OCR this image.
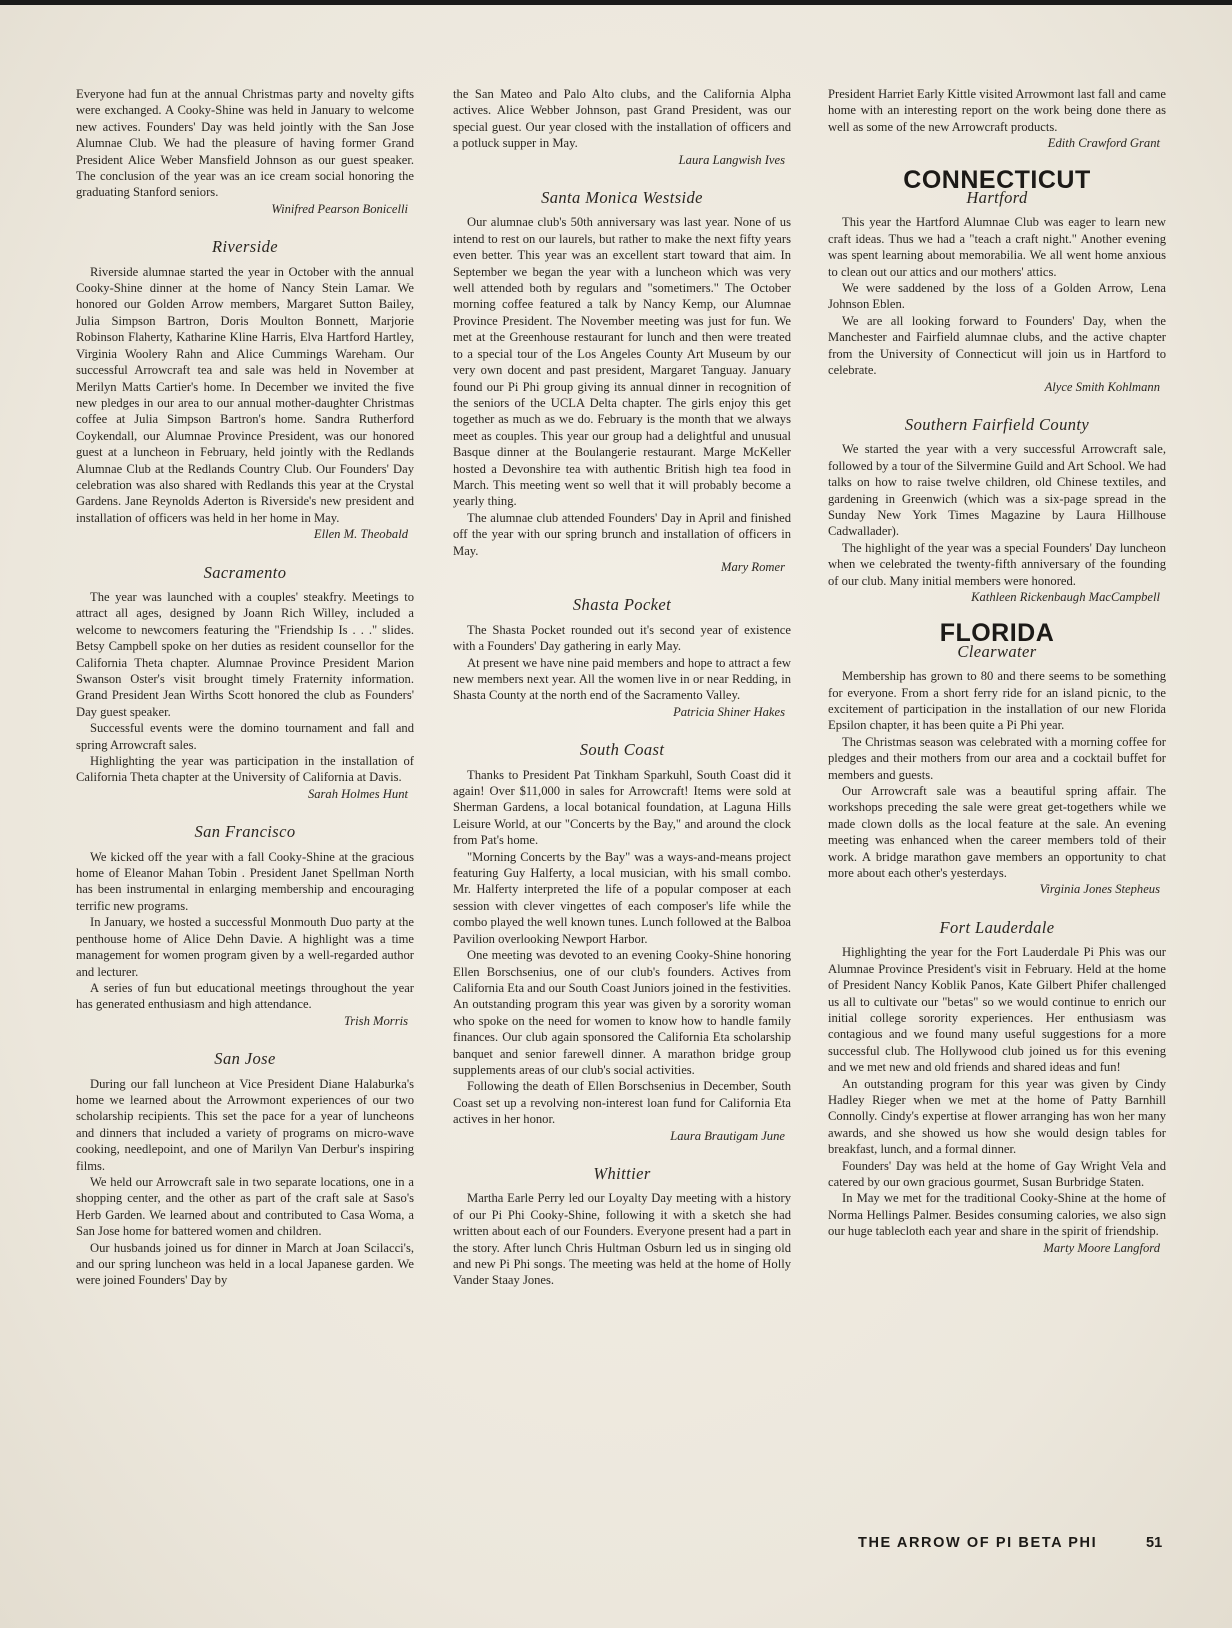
Everyone had fun at the annual Christmas party and novelty gifts were exchanged. A Cooky-Shine was held in January to welcome new actives. Founders' Day was held jointly with the San Jose Alumnae Club. We had the pleasure of having former Grand President Alice Weber Mansfield Johnson as our guest speaker. The conclusion of the year was an ice cream social honoring the graduating Stanford seniors.

Winifred Pearson Bonicelli
Riverside

Riverside alumnae started the year in October with the annual Cooky-Shine dinner at the home of Nancy Stein Lamar. We honored our Golden Arrow members, Margaret Sutton Bailey, Julia Simpson Bartron, Doris Moulton Bonnett, Marjorie Robinson Flaherty, Katharine Kline Harris, Elva Hartford Hartley, Virginia Woolery Rahn and Alice Cummings Wareham. Our successful Arrowcraft tea and sale was held in November at Merilyn Matts Cartier's home. In December we invited the five new pledges in our area to our annual mother-daughter Christmas coffee at Julia Simpson Bartron's home. Sandra Rutherford Coykendall, our Alumnae Province President, was our honored guest at a luncheon in February, held jointly with the Redlands Alumnae Club at the Redlands Country Club. Our Founders' Day celebration was also shared with Redlands this year at the Crystal Gardens. Jane Reynolds Aderton is Riverside's new president and installation of officers was held in her home in May.

Ellen M. Theobald
Sacramento

The year was launched with a couples' steakfry. Meetings to attract all ages, designed by Joann Rich Willey, included a welcome to newcomers featuring the "Friendship Is . . ." slides. Betsy Campbell spoke on her duties as resident counsellor for the California Theta chapter. Alumnae Province President Marion Swanson Oster's visit brought timely Fraternity information. Grand President Jean Wirths Scott honored the club as Founders' Day guest speaker.

Successful events were the domino tournament and fall and spring Arrowcraft sales.

Highlighting the year was participation in the installation of California Theta chapter at the University of California at Davis.

Sarah Holmes Hunt
San Francisco

We kicked off the year with a fall Cooky-Shine at the gracious home of Eleanor Mahan Tobin . President Janet Spellman North has been instrumental in enlarging membership and encouraging terrific new programs.

In January, we hosted a successful Monmouth Duo party at the penthouse home of Alice Dehn Davie. A highlight was a time management for women program given by a well-regarded author and lecturer.

A series of fun but educational meetings throughout the year has generated enthusiasm and high attendance.

Trish Morris
San Jose

During our fall luncheon at Vice President Diane Halaburka's home we learned about the Arrowmont experiences of our two scholarship recipients. This set the pace for a year of luncheons and dinners that included a variety of programs on micro-wave cooking, needlepoint, and one of Marilyn Van Derbur's inspiring films.

We held our Arrowcraft sale in two separate locations, one in a shopping center, and the other as part of the craft sale at Saso's Herb Garden. We learned about and contributed to Casa Woma, a San Jose home for battered women and children.

Our husbands joined us for dinner in March at Joan Scilacci's, and our spring luncheon was held in a local Japanese garden. We were joined Founders' Day by

the San Mateo and Palo Alto clubs, and the California Alpha actives. Alice Webber Johnson, past Grand President, was our special guest. Our year closed with the installation of officers and a potluck supper in May.

Laura Langwish Ives
Santa Monica Westside

Our alumnae club's 50th anniversary was last year. None of us intend to rest on our laurels, but rather to make the next fifty years even better. This year was an excellent start toward that aim. In September we began the year with a luncheon which was very well attended both by regulars and "sometimers." The October morning coffee featured a talk by Nancy Kemp, our Alumnae Province President. The November meeting was just for fun. We met at the Greenhouse restaurant for lunch and then were treated to a special tour of the Los Angeles County Art Museum by our very own docent and past president, Margaret Tanguay. January found our Pi Phi group giving its annual dinner in recognition of the seniors of the UCLA Delta chapter. The girls enjoy this get together as much as we do. February is the month that we always meet as couples. This year our group had a delightful and unusual Basque dinner at the Boulangerie restaurant. Marge McKeller hosted a Devonshire tea with authentic British high tea food in March. This meeting went so well that it will probably become a yearly thing.

The alumnae club attended Founders' Day in April and finished off the year with our spring brunch and installation of officers in May.

Mary Romer
Shasta Pocket

The Shasta Pocket rounded out it's second year of existence with a Founders' Day gathering in early May.

At present we have nine paid members and hope to attract a few new members next year. All the women live in or near Redding, in Shasta County at the north end of the Sacramento Valley.

Patricia Shiner Hakes
South Coast

Thanks to President Pat Tinkham Sparkuhl, South Coast did it again! Over $11,000 in sales for Arrowcraft! Items were sold at Sherman Gardens, a local botanical foundation, at Laguna Hills Leisure World, at our "Concerts by the Bay," and around the clock from Pat's home.

"Morning Concerts by the Bay" was a ways-and-means project featuring Guy Halferty, a local musician, with his small combo. Mr. Halferty interpreted the life of a popular composer at each session with clever vingettes of each composer's life while the combo played the well known tunes. Lunch followed at the Balboa Pavilion overlooking Newport Harbor.

One meeting was devoted to an evening Cooky-Shine honoring Ellen Borschsenius, one of our club's founders. Actives from California Eta and our South Coast Juniors joined in the festivities. An outstanding program this year was given by a sorority woman who spoke on the need for women to know how to handle family finances. Our club again sponsored the California Eta scholarship banquet and senior farewell dinner. A marathon bridge group supplements areas of our club's social activities.

Following the death of Ellen Borschsenius in December, South Coast set up a revolving non-interest loan fund for California Eta actives in her honor.

Laura Brautigam June
Whittier

Martha Earle Perry led our Loyalty Day meeting with a history of our Pi Phi Cooky-Shine, following it with a sketch she had written about each of our Founders. Everyone present had a part in the story. After lunch Chris Hultman Osburn led us in singing old and new Pi Phi songs. The meeting was held at the home of Holly Vander Staay Jones.

President Harriet Early Kittle visited Arrowmont last fall and came home with an interesting report on the work being done there as well as some of the new Arrowcraft products.

Edith Crawford Grant
CONNECTICUT
Hartford

This year the Hartford Alumnae Club was eager to learn new craft ideas. Thus we had a "teach a craft night." Another evening was spent learning about memorabilia. We all went home anxious to clean out our attics and our mothers' attics.

We were saddened by the loss of a Golden Arrow, Lena Johnson Eblen.

We are all looking forward to Founders' Day, when the Manchester and Fairfield alumnae clubs, and the active chapter from the University of Connecticut will join us in Hartford to celebrate.

Alyce Smith Kohlmann
Southern Fairfield County

We started the year with a very successful Arrowcraft sale, followed by a tour of the Silvermine Guild and Art School. We had talks on how to raise twelve children, old Chinese textiles, and gardening in Greenwich (which was a six-page spread in the Sunday New York Times Magazine by Laura Hillhouse Cadwallader).

The highlight of the year was a special Founders' Day luncheon when we celebrated the twenty-fifth anniversary of the founding of our club. Many initial members were honored.

Kathleen Rickenbaugh MacCampbell
FLORIDA
Clearwater

Membership has grown to 80 and there seems to be something for everyone. From a short ferry ride for an island picnic, to the excitement of participation in the installation of our new Florida Epsilon chapter, it has been quite a Pi Phi year.

The Christmas season was celebrated with a morning coffee for pledges and their mothers from our area and a cocktail buffet for members and guests.

Our Arrowcraft sale was a beautiful spring affair. The workshops preceding the sale were great get-togethers while we made clown dolls as the local feature at the sale. An evening meeting was enhanced when the career members told of their work. A bridge marathon gave members an opportunity to chat more about each other's yesterdays.

Virginia Jones Stepheus
Fort Lauderdale

Highlighting the year for the Fort Lauderdale Pi Phis was our Alumnae Province President's visit in February. Held at the home of President Nancy Koblik Panos, Kate Gilbert Phifer challenged us all to cultivate our "betas" so we would continue to enrich our initial college sorority experiences. Her enthusiasm was contagious and we found many useful suggestions for a more successful club. The Hollywood club joined us for this evening and we met new and old friends and shared ideas and fun!

An outstanding program for this year was given by Cindy Hadley Rieger when we met at the home of Patty Barnhill Connolly. Cindy's expertise at flower arranging has won her many awards, and she showed us how she would design tables for breakfast, lunch, and a formal dinner.

Founders' Day was held at the home of Gay Wright Vela and catered by our own gracious gourmet, Susan Burbridge Staten.

In May we met for the traditional Cooky-Shine at the home of Norma Hellings Palmer. Besides consuming calories, we also sign our huge tablecloth each year and share in the spirit of friendship.

Marty Moore Langford
THE ARROW OF PI BETA PHI	51
